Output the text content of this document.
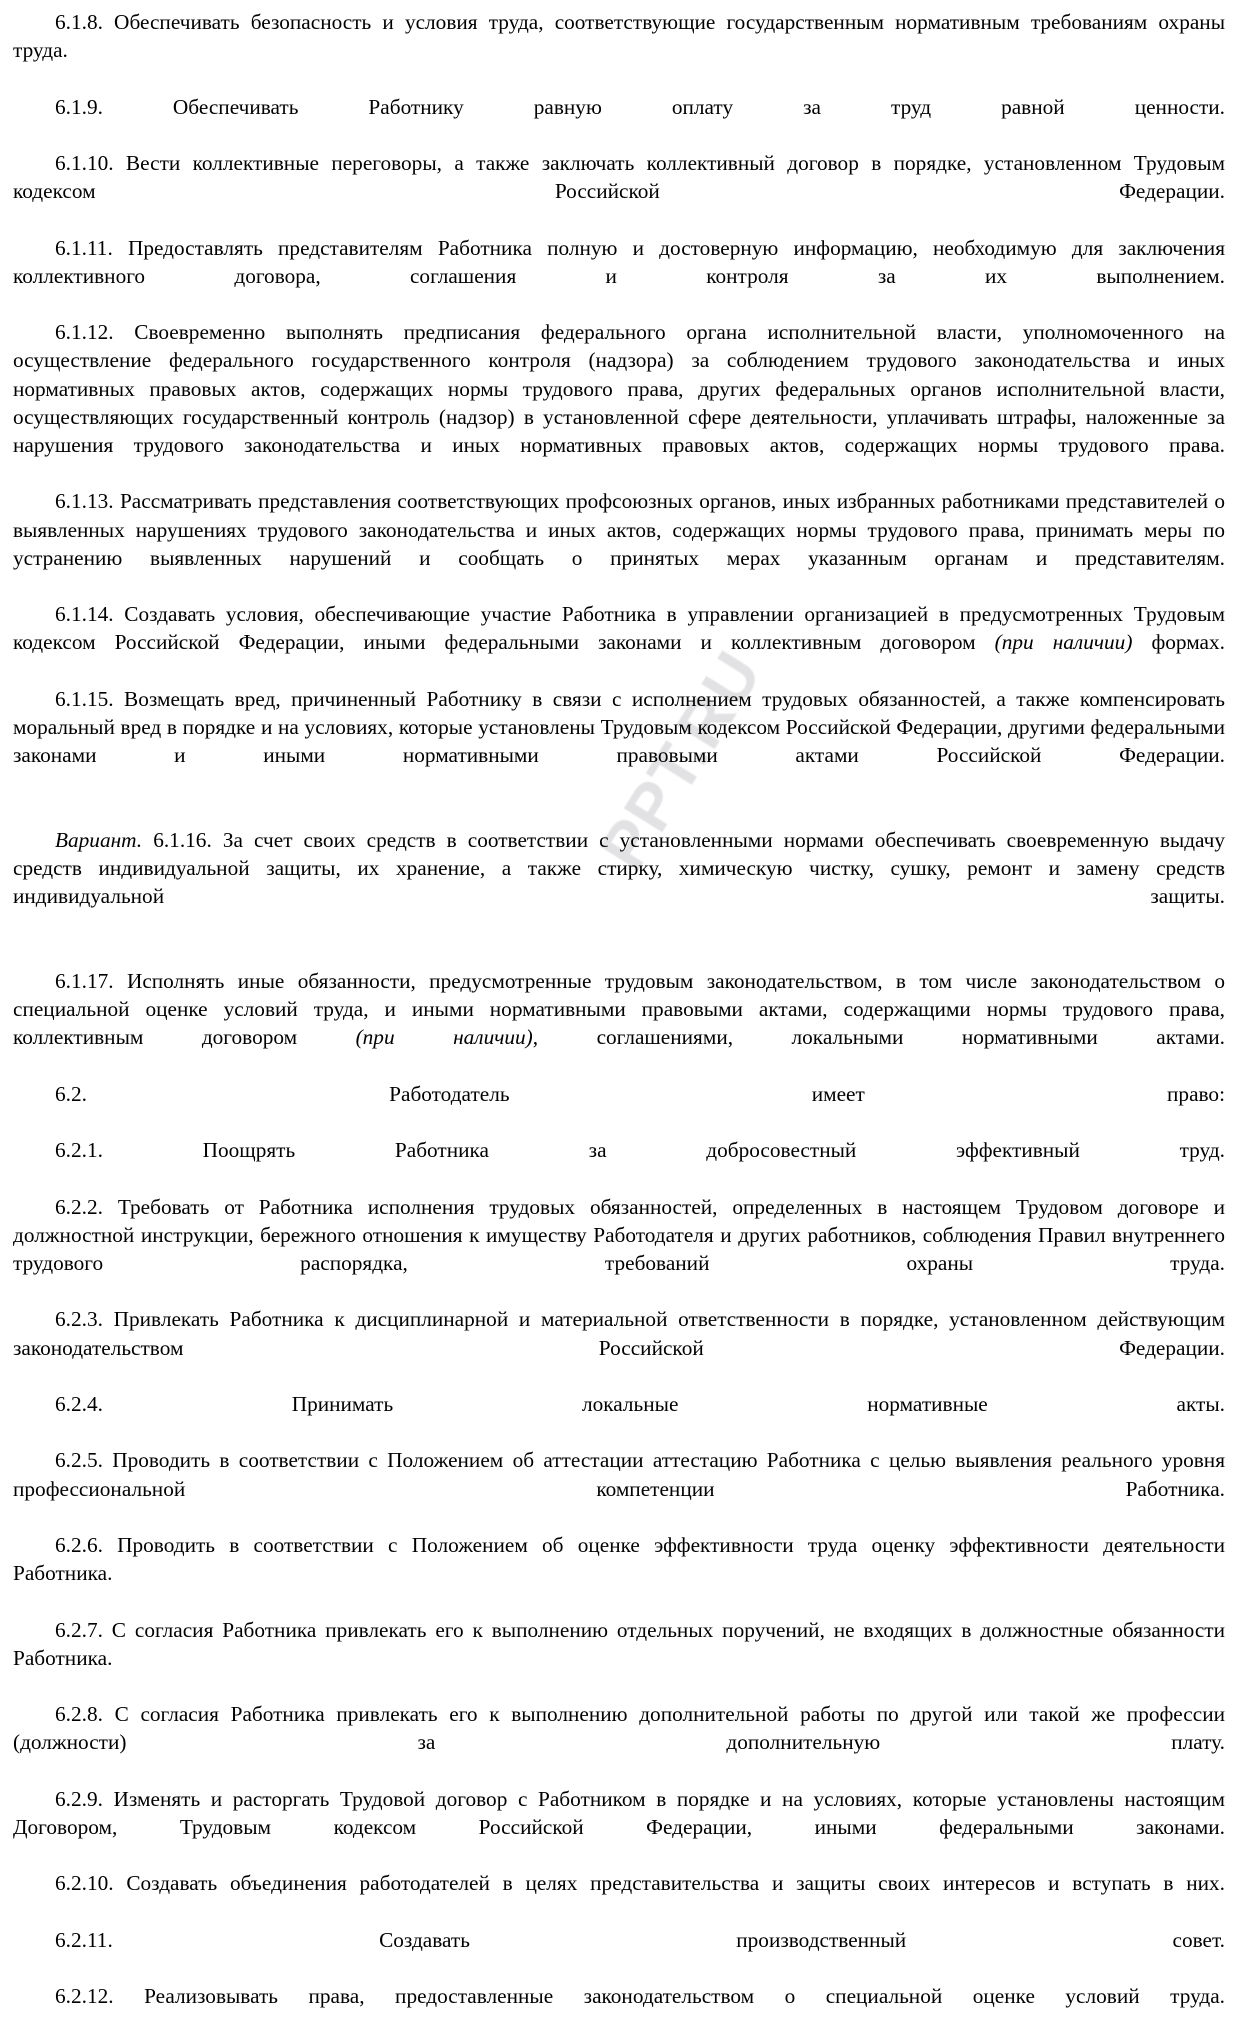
PPT.RU

6.1.8. Обеспечивать безопасность и условия труда, соответствующие государственным нормативным требованиям охраны труда.

6.1.9. Обеспечивать Работнику равную оплату за труд равной ценности.

6.1.10. Вести коллективные переговоры, а также заключать коллективный договор в порядке, установленном Трудовым кодексом Российской Федерации.

6.1.11. Предоставлять представителям Работника полную и достоверную информацию, необходимую для заключения коллективного договора, соглашения и контроля за их выполнением.

6.1.12. Своевременно выполнять предписания федерального органа исполнительной власти, уполномоченного на осуществление федерального государственного контроля (надзора) за соблюдением трудового законодательства и иных нормативных правовых актов, содержащих нормы трудового права, других федеральных органов исполнительной власти, осуществляющих государственный контроль (надзор) в установленной сфере деятельности, уплачивать штрафы, наложенные за нарушения трудового законодательства и иных нормативных правовых актов, содержащих нормы трудового права.

6.1.13. Рассматривать представления соответствующих профсоюзных органов, иных избранных работниками представителей о выявленных нарушениях трудового законодательства и иных актов, содержащих нормы трудового права, принимать меры по устранению выявленных нарушений и сообщать о принятых мерах указанным органам и представителям.

6.1.14. Создавать условия, обеспечивающие участие Работника в управлении организацией в предусмотренных Трудовым кодексом Российской Федерации, иными федеральными законами и коллективным договором (при наличии) формах.

6.1.15. Возмещать вред, причиненный Работнику в связи с исполнением трудовых обязанностей, а также компенсировать моральный вред в порядке и на условиях, которые установлены Трудовым кодексом Российской Федерации, другими федеральными законами и иными нормативными правовыми актами Российской Федерации.

Вариант. 6.1.16. За счет своих средств в соответствии с установленными нормами обеспечивать своевременную выдачу средств индивидуальной защиты, их хранение, а также стирку, химическую чистку, сушку, ремонт и замену средств индивидуальной защиты.

6.1.17. Исполнять иные обязанности, предусмотренные трудовым законодательством, в том числе законодательством о специальной оценке условий труда, и иными нормативными правовыми актами, содержащими нормы трудового права, коллективным договором (при наличии), соглашениями, локальными нормативными актами.

6.2. Работодатель имеет право:

6.2.1. Поощрять Работника за добросовестный эффективный труд.

6.2.2. Требовать от Работника исполнения трудовых обязанностей, определенных в настоящем Трудовом договоре и должностной инструкции, бережного отношения к имуществу Работодателя и других работников, соблюдения Правил внутреннего трудового распорядка, требований охраны труда.

6.2.3. Привлекать Работника к дисциплинарной и материальной ответственности в порядке, установленном действующим законодательством Российской Федерации.

6.2.4. Принимать локальные нормативные акты.

6.2.5. Проводить в соответствии с Положением об аттестации аттестацию Работника с целью выявления реального уровня профессиональной компетенции Работника.

6.2.6. Проводить в соответствии с Положением об оценке эффективности труда оценку эффективности деятельности Работника.

6.2.7. С согласия Работника привлекать его к выполнению отдельных поручений, не входящих в должностные обязанности Работника.

6.2.8. С согласия Работника привлекать его к выполнению дополнительной работы по другой или такой же профессии (должности) за дополнительную плату.

6.2.9. Изменять и расторгать Трудовой договор с Работником в порядке и на условиях, которые установлены настоящим Договором, Трудовым кодексом Российской Федерации, иными федеральными законами.

6.2.10. Создавать объединения работодателей в целях представительства и защиты своих интересов и вступать в них.

6.2.11. Создавать производственный совет.

6.2.12. Реализовывать права, предоставленные законодательством о специальной оценке условий труда.
